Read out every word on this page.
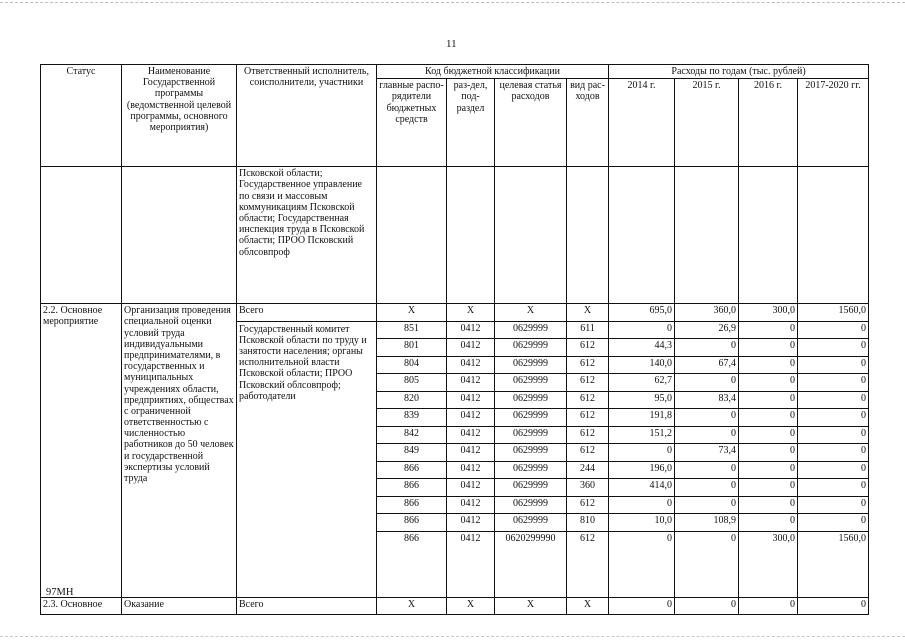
11
Статус	Наименование Государственной программы (ведомственной целевой программы, основного мероприятия)	Ответственный исполнитель, соисполнители, участники	Код бюджетной классификации				Расходы по годам (тыс. рублей)			
			главные распо-рядители бюджетных средств	раз-дел, под-раздел	целевая статья расходов	вид рас-ходов	2014 г.	2015 г.	2016 г.	2017-2020 гг.
		Псковской области; Государственное управление по связи и массовым коммуникациям Псковской области; Государственная инспекция труда в Псковской области; ПРОО Псковский облсовпроф								
2.2. Основное мероприятие	Организация проведения специальной оценки условий труда индивидуальными предпринимателями, в государственных и муниципальных учреждениях области, предприятиях, обществах с ограниченной ответственностью с численностью работников до 50 человек и государственной экспертизы условий труда	Всего	X	X	X	X	695,0	360,0	300,0	1560,0
		Государственный комитет Псковской области по труду и занятости населения; органы исполнительной власти Псковской области; ПРОО Псковский облсовпроф; работодатели	851	0412	0629999	611	0	26,9	0	0
			801	0412	0629999	612	44,3	0	0	0
			804	0412	0629999	612	140,0	67,4	0	0
			805	0412	0629999	612	62,7	0	0	0
			820	0412	0629999	612	95,0	83,4	0	0
			839	0412	0629999	612	191,8	0	0	0
			842	0412	0629999	612	151,2	0	0	0
			849	0412	0629999	612	0	73,4	0	0
			866	0412	0629999	244	196,0	0	0	0
			866	0412	0629999	360	414,0	0	0	0
			866	0412	0629999	612	0	0	0	0
			866	0412	0629999	810	10,0	108,9	0	0
			866	0412	0620299990	612	0	0	300,0	1560,0
2.3. Основное	Оказание	Всего	X	X	X	X	0	0	0	0
97МН
